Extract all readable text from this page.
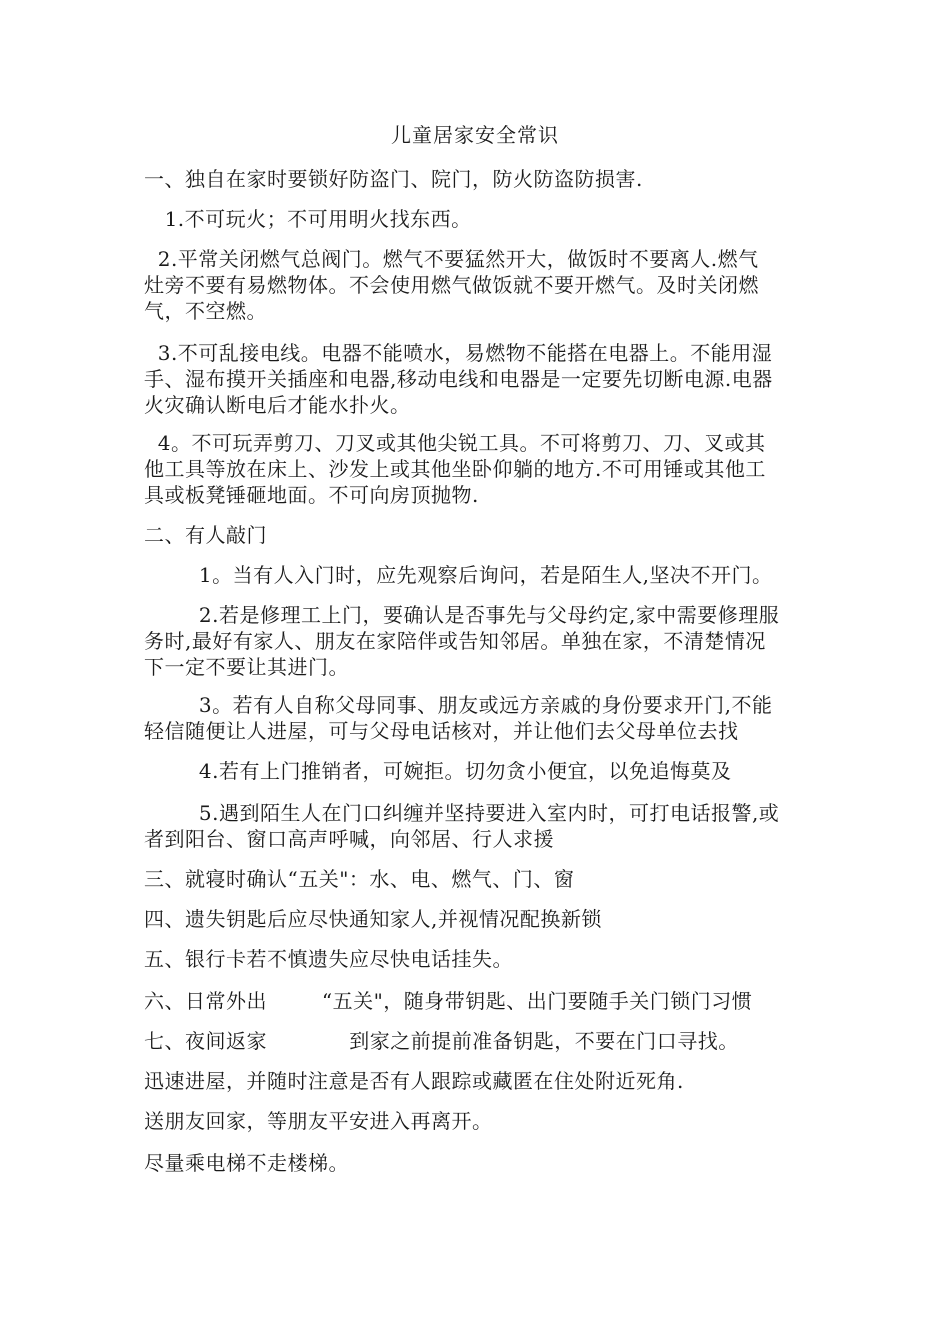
儿童居家安全常识
一、独自在家时要锁好防盗门、院门，防火防盗防损害.
1.不可玩火；不可用明火找东西。
2.平常关闭燃气总阀门。燃气不要猛然开大，做饭时不要离人.燃气
灶旁不要有易燃物体。不会使用燃气做饭就不要开燃气。及时关闭燃
气，不空燃。
3.不可乱接电线。电器不能喷水，易燃物不能搭在电器上。不能用湿
手、湿布摸开关插座和电器,移动电线和电器是一定要先切断电源.电器
火灾确认断电后才能水扑火。
4。不可玩弄剪刀、刀叉或其他尖锐工具。不可将剪刀、刀、叉或其
他工具等放在床上、沙发上或其他坐卧仰躺的地方.不可用锤或其他工
具或板凳锤砸地面。不可向房顶抛物.
二、有人敲门
1。当有人入门时，应先观察后询问，若是陌生人,坚决不开门。
2.若是修理工上门，要确认是否事先与父母约定,家中需要修理服
务时,最好有家人、朋友在家陪伴或告知邻居。单独在家，不清楚情况
下一定不要让其进门。
3。若有人自称父母同事、朋友或远方亲戚的身份要求开门,不能
轻信随便让人进屋，可与父母电话核对，并让他们去父母单位去找
4.若有上门推销者，可婉拒。切勿贪小便宜，以免追悔莫及
5.遇到陌生人在门口纠缠并坚持要进入室内时，可打电话报警,或
者到阳台、窗口高声呼喊，向邻居、行人求援
三、就寝时确认“五关"：水、电、燃气、门、窗
四、遗失钥匙后应尽快通知家人,并视情况配换新锁
五、银行卡若不慎遗失应尽快电话挂失。
六、日常外出        “五关"，随身带钥匙、出门要随手关门锁门习惯
七、夜间返家            到家之前提前准备钥匙，不要在门口寻找。
迅速进屋，并随时注意是否有人跟踪或藏匿在住处附近死角.
送朋友回家，等朋友平安进入再离开。
尽量乘电梯不走楼梯。
